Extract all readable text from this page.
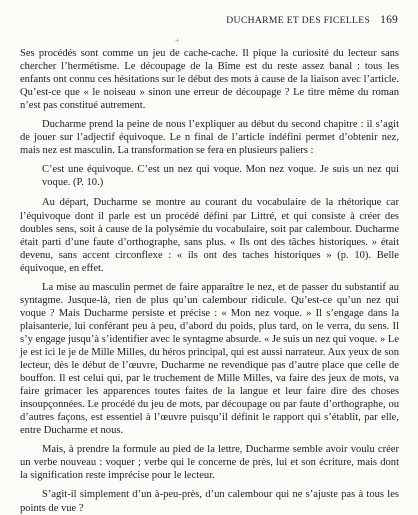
DUCHARME ET DES FICELLES 169
+

Ses procédés sont comme un jeu de cache-cache. Il pique la curiosité du lecteur sans chercher l’hermétisme. Le découpage de la Bîme est du reste assez banal : tous les enfants ont connu ces hésitations sur le début des mots à cause de la liaison avec l’article. Qu’est-ce que « le noiseau » sinon une erreur de découpage ? Le titre même du roman n’est pas constitué autrement.

Ducharme prend la peine de nous l’expliquer au début du second chapitre : il s’agit de jouer sur l’adjectif équivoque. Le n final de l’article indéfini permet d’obtenir nez, mais nez est masculin. La transformation se fera en plusieurs paliers :

C’est une équivoque. C’est un nez qui voque. Mon nez voque. Je suis un nez qui voque. (P. 10.)

Au départ, Ducharme se montre au courant du vocabulaire de la rhétorique car l’équivoque dont il parle est un procédé défini par Littré, et qui consiste à créer des doubles sens, soit à cause de la polysémie du vocabulaire, soit par calembour. Ducharme était parti d’une faute d’orthographe, sans plus. « Ils ont des tâches historiques. » était devenu, sans accent circonflexe : « ils ont des taches historiques » (p. 10). Belle équivoque, en effet.

La mise au masculin permet de faire apparaître le nez, et de passer du substantif au syntagme. Jusque-là, rien de plus qu’un calembour ridicule. Qu’est-ce qu’un nez qui voque ? Mais Ducharme persiste et précise : « Mon nez voque. » Il s’engage dans la plaisanterie, lui conférant peu à peu, d’abord du poids, plus tard, on le verra, du sens. Il s’y engage jusqu’à s’identifier avec le syntagme absurde. « Je suis un nez qui voque. » Le je est ici le je de Mille Milles, du héros principal, qui est aussi narrateur. Aux yeux de son lecteur, dès le début de l’œuvre, Ducharme ne revendique pas d’autre place que celle de bouffon. Il est celui qui, par le truchement de Mille Milles, va faire des jeux de mots, va faire grimacer les apparences toutes faites de la langue et leur faire dire des choses insoupçonnées. Le procédé du jeu de mots, par découpage ou par faute d’orthographe, ou d’autres façons, est essentiel à l’œuvre puisqu’il définit le rapport qui s’établit, par elle, entre Ducharme et nous.

Mais, à prendre la formule au pied de la lettre, Ducharme semble avoir voulu créer un verbe nouveau : voquer ; verbe qui le concerne de près, lui et son écriture, mais dont la signification reste imprécise pour le lecteur.

S’agit-il simplement d’un à-peu-près, d’un calembour qui ne s’ajuste pas à tous les points de vue ?
